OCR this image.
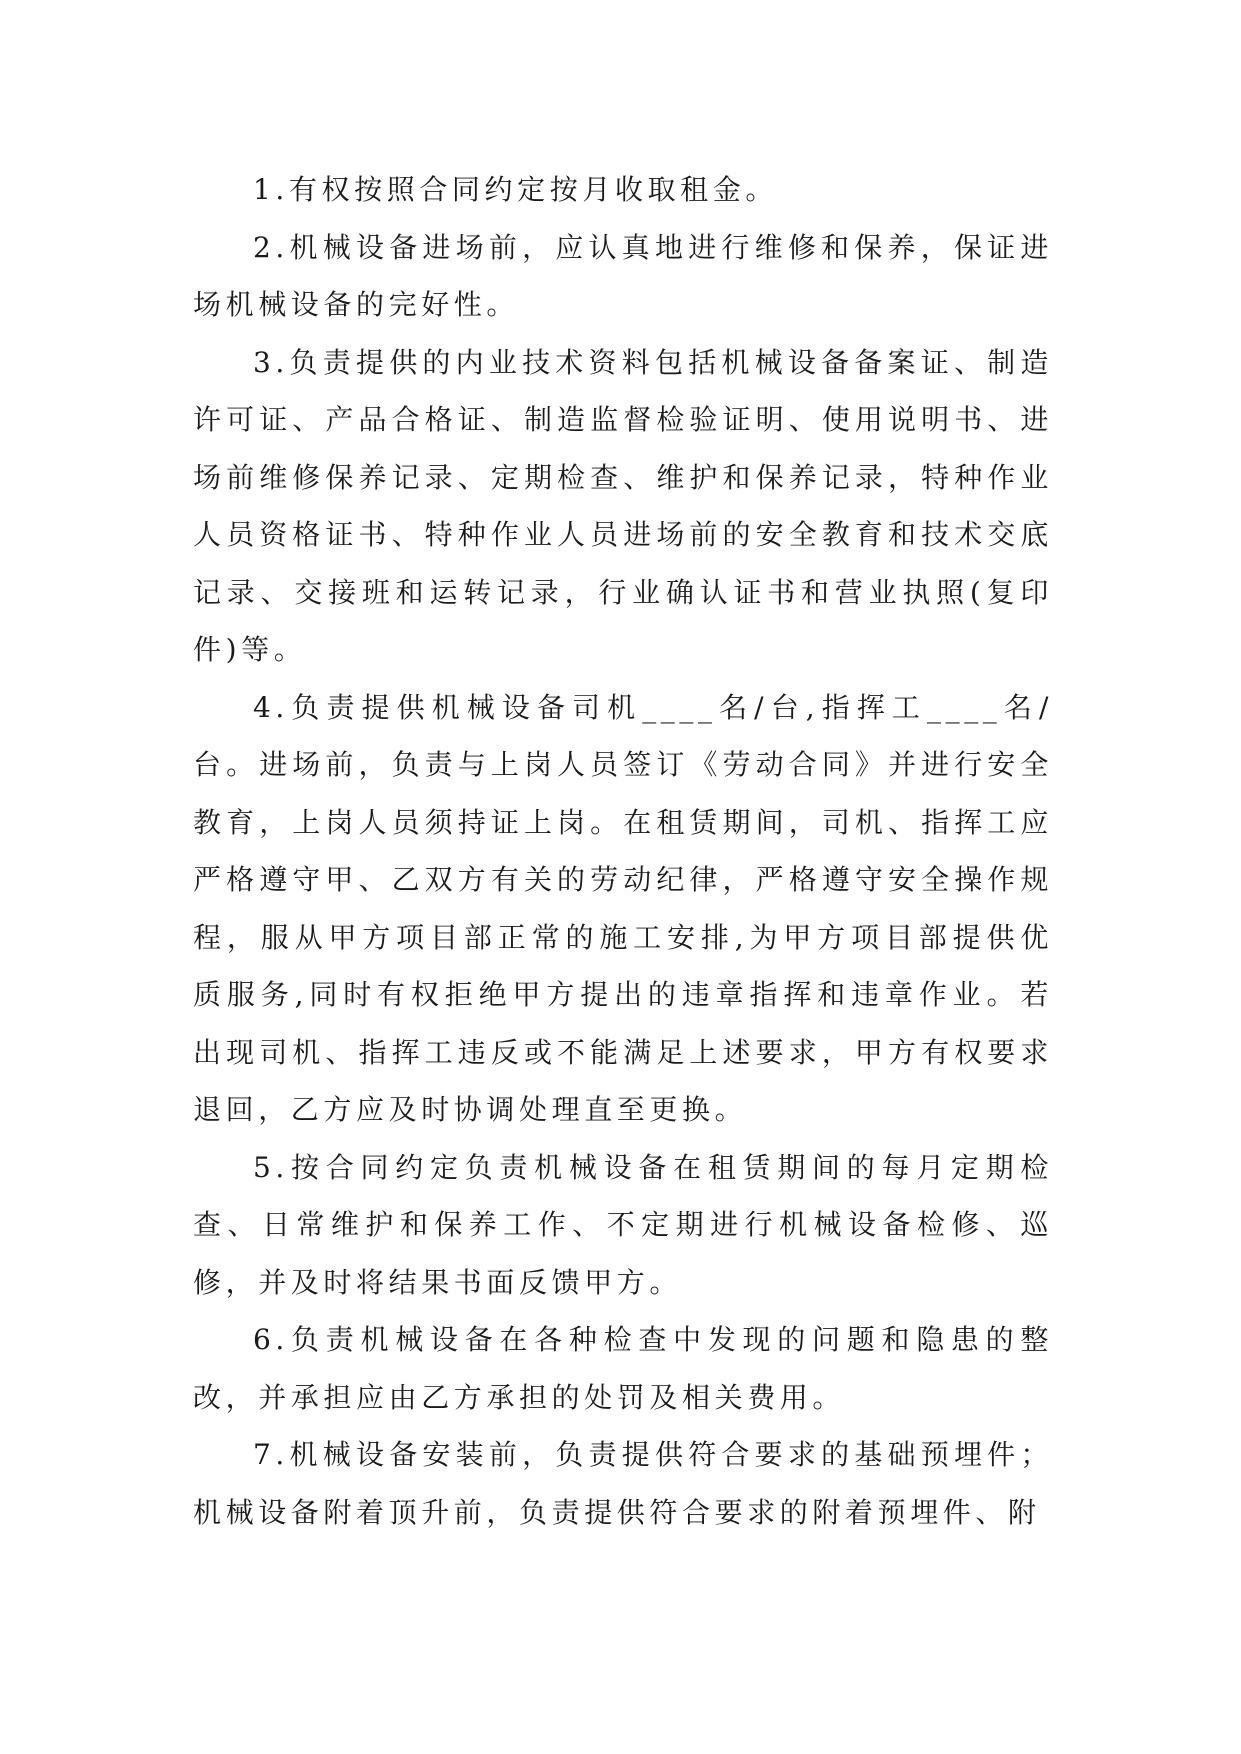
1.有权按照合同约定按月收取租金。

2.机械设备进场前，应认真地进行维修和保养，保证进场机械设备的完好性。

3.负责提供的内业技术资料包括机械设备备案证、制造许可证、产品合格证、制造监督检验证明、使用说明书、进场前维修保养记录、定期检查、维护和保养记录，特种作业人员资格证书、特种作业人员进场前的安全教育和技术交底记录、交接班和运转记录，行业确认证书和营业执照(复印件)等。

4.负责提供机械设备司机____名/台,指挥工____名/台。进场前，负责与上岗人员签订《劳动合同》并进行安全教育，上岗人员须持证上岗。在租赁期间，司机、指挥工应严格遵守甲、乙双方有关的劳动纪律，严格遵守安全操作规程，服从甲方项目部正常的施工安排,为甲方项目部提供优质服务,同时有权拒绝甲方提出的违章指挥和违章作业。若出现司机、指挥工违反或不能满足上述要求，甲方有权要求退回，乙方应及时协调处理直至更换。

5.按合同约定负责机械设备在租赁期间的每月定期检查、日常维护和保养工作、不定期进行机械设备检修、巡修，并及时将结果书面反馈甲方。

6.负责机械设备在各种检查中发现的问题和隐患的整改，并承担应由乙方承担的处罚及相关费用。

7.机械设备安装前，负责提供符合要求的基础预埋件；机械设备附着顶升前，负责提供符合要求的附着预埋件、附
